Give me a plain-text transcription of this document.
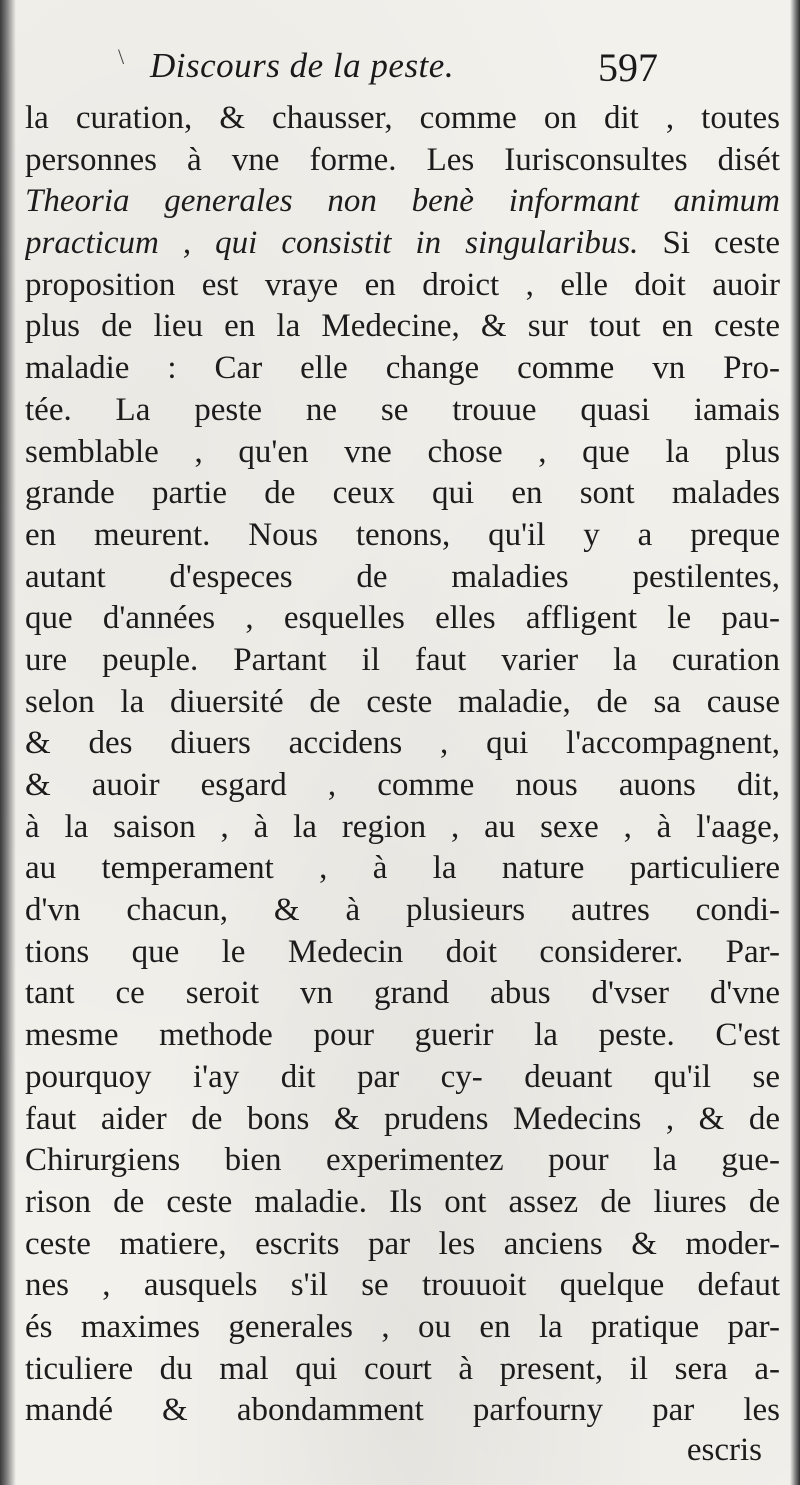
\ Discours de la peste.	597
la curation, & chausser, comme on dit , toutes
personnes à vne forme. Les Iurisconsultes disét
Theoria generales non benè informant animum
practicum , qui consistit in singularibus. Si ceste
proposition est vraye en droict , elle doit auoir
plus de lieu en la Medecine, & sur tout en ceste
maladie : Car elle change comme vn Pro-
tée. La peste ne se trouue quasi iamais
semblable , qu'en vne chose , que la plus
grande partie de ceux qui en sont malades
en meurent. Nous tenons, qu'il y a preque
autant d'especes de maladies pestilentes,
que d'années , esquelles elles affligent le pau-
ure peuple. Partant il faut varier la curation
selon la diuersité de ceste maladie, de sa cause
& des diuers accidens , qui l'accompagnent,
& auoir esgard , comme nous auons dit,
à la saison , à la region , au sexe , à l'aage,
au temperament , à la nature particuliere
d'vn chacun, & à plusieurs autres condi-
tions que le Medecin doit considerer. Par-
tant ce seroit vn grand abus d'vser d'vne
mesme methode pour guerir la peste. C'est
pourquoy i'ay dit par cy- deuant qu'il se
faut aider de bons & prudens Medecins , & de
Chirurgiens bien experimentez pour la gue-
rison de ceste maladie. Ils ont assez de liures de
ceste matiere, escrits par les anciens & moder-
nes , ausquels s'il se trouuoit quelque defaut
és maximes generales , ou en la pratique par-
ticuliere du mal qui court à present, il sera a-
mandé & abondamment parfourny par les
escris
